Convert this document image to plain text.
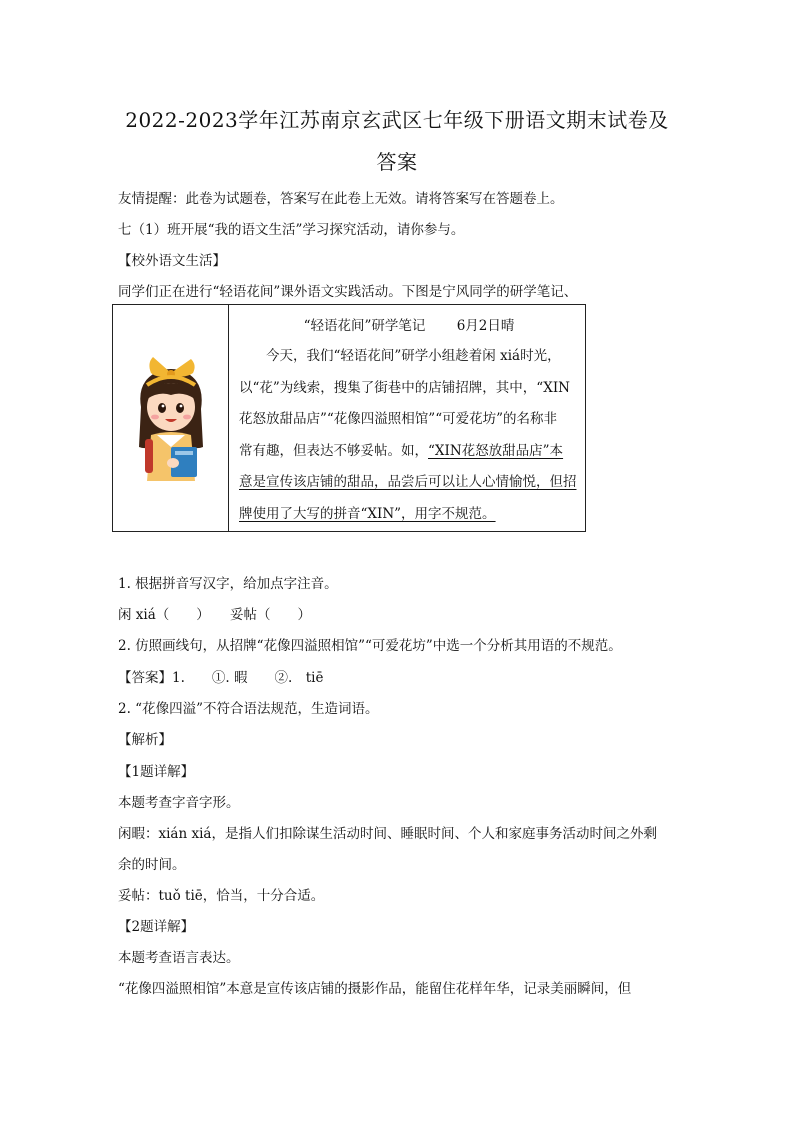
2022-2023学年江苏南京玄武区七年级下册语文期末试卷及
答案
友情提醒：此卷为试题卷，答案写在此卷上无效。请将答案写在答题卷上。
七（1）班开展“我的语文生活”学习探究活动，请你参与。
【校外语文生活】
同学们正在进行“轻语花间”课外语文实践活动。下图是宁风同学的研学笔记、
“轻语花间”研学笔记　　 6月2日晴
　　今天，我们“轻语花间”研学小组趁着闲 xiá时光，
以“花”为线索，搜集了街巷中的店铺招牌，其中，“XIN
花怒放甜品店”“花像四溢照相馆”“可爱花坊”的名称非
常有趣，但表达不够妥帖。如，“XIN花怒放甜品店”本
意是宣传该店铺的甜品，品尝后可以让人心情愉悦，但招
牌使用了大写的拼音“XIN”，用字不规范。
1. 根据拼音写汉字，给加点字注音。
闲 xiá（　　）　　妥帖（　　）
2. 仿照画线句，从招牌“花像四溢照相馆”“可爱花坊”中选一个分析其用语的不规范。
【答案】1.　　①. 暇　　②.　tiē
2. “花像四溢”不符合语法规范，生造词语。
【解析】
【1题详解】
本题考查字音字形。
闲暇：xián xiá，是指人们扣除谋生活动时间、睡眠时间、个人和家庭事务活动时间之外剩
余的时间。
妥帖：tuǒ tiē，恰当，十分合适。
【2题详解】
本题考查语言表达。
“花像四溢照相馆”本意是宣传该店铺的摄影作品，能留住花样年华，记录美丽瞬间，但
